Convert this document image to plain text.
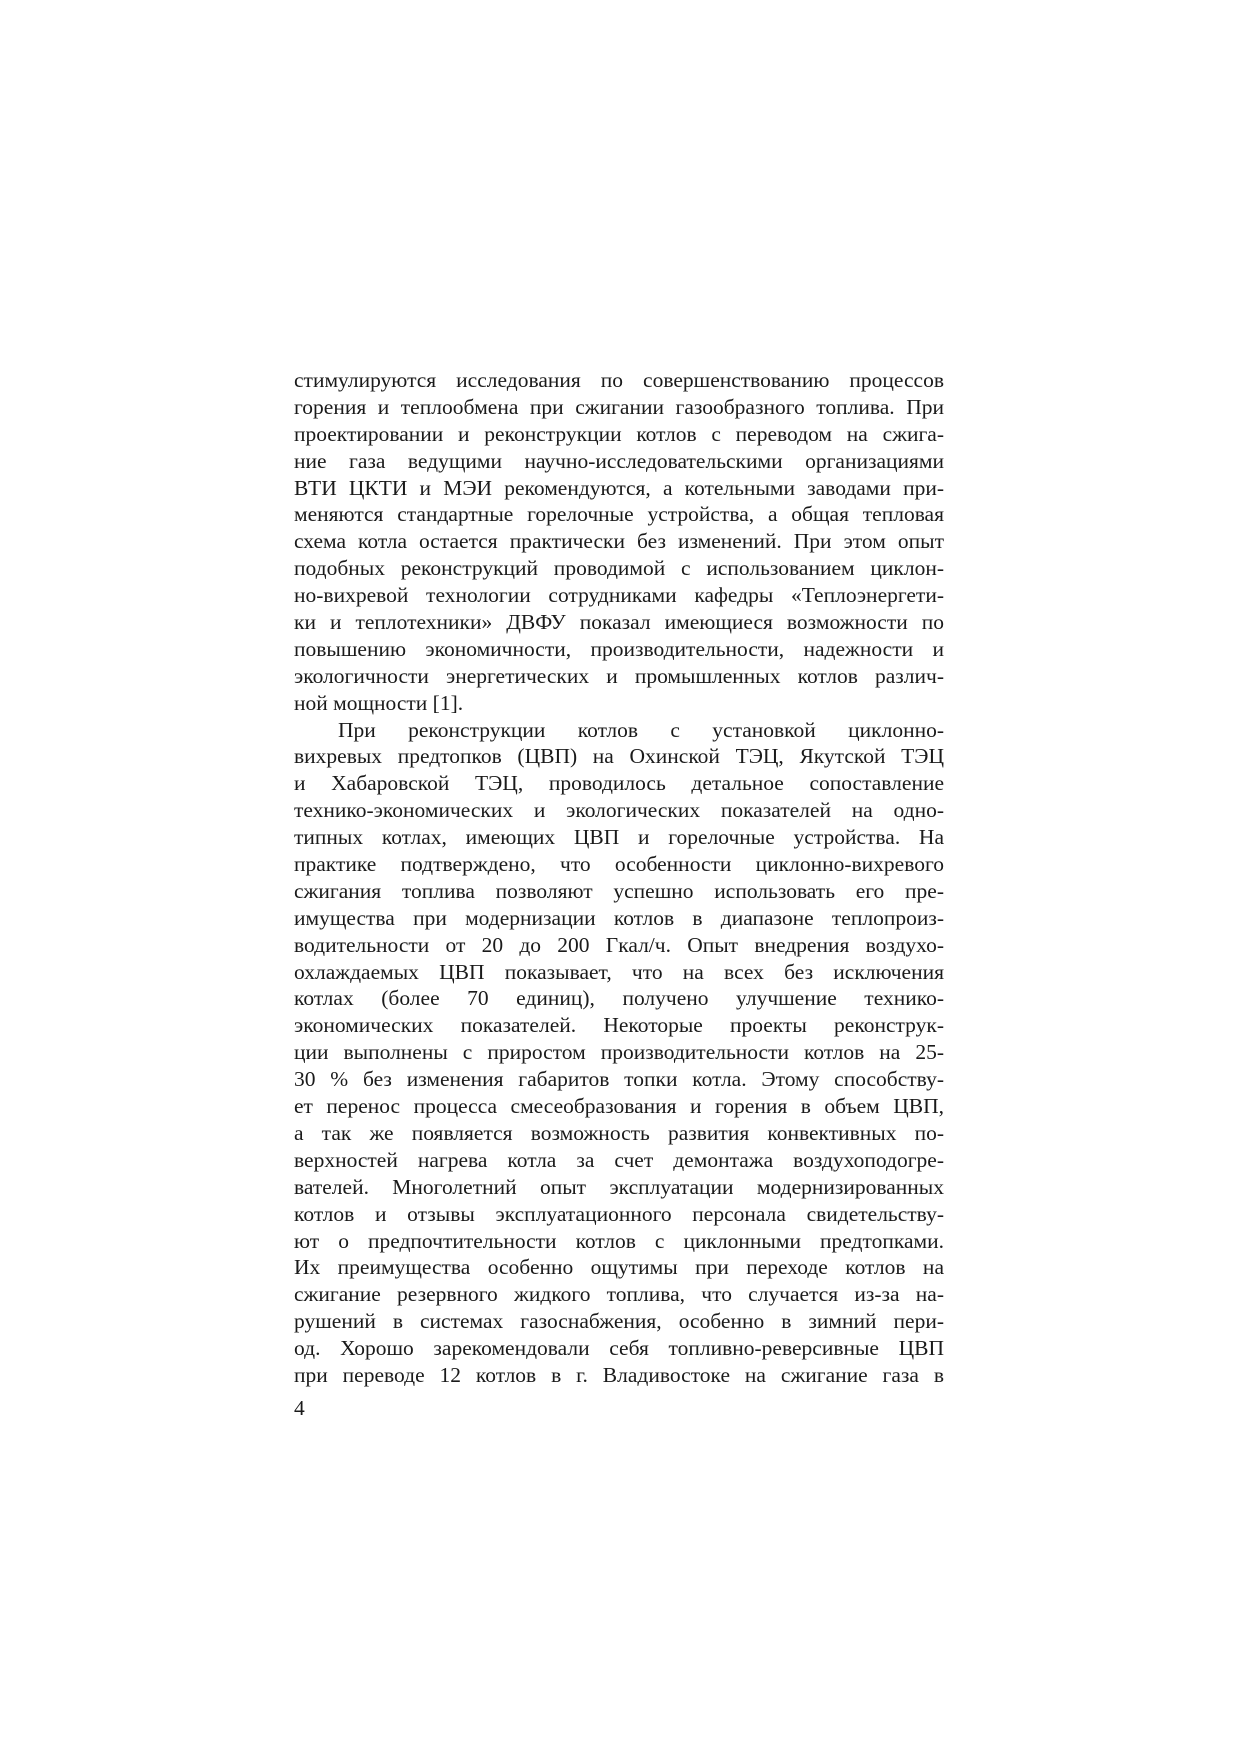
стимулируются исследования по совершенствованию процессов
горения и теплообмена при сжигании газообразного топлива. При
проектировании и реконструкции котлов с переводом на сжига-
ние газа ведущими научно-исследовательскими организациями
ВТИ ЦКТИ и МЭИ рекомендуются, а котельными заводами при-
меняются стандартные горелочные устройства, а общая тепловая
схема котла остается практически без изменений. При этом опыт
подобных реконструкций проводимой с использованием циклон-
но-вихревой технологии сотрудниками кафедры «Теплоэнергети-
ки и теплотехники» ДВФУ показал имеющиеся возможности по
повышению экономичности, производительности, надежности и
экологичности энергетических и промышленных котлов различ-
ной мощности [1].
При реконструкции котлов с установкой циклонно-
вихревых предтопков (ЦВП) на Охинской ТЭЦ, Якутской ТЭЦ
и Хабаровской ТЭЦ, проводилось детальное сопоставление
технико-экономических и экологических показателей на одно-
типных котлах, имеющих ЦВП и горелочные устройства. На
практике подтверждено, что особенности циклонно-вихревого
сжигания топлива позволяют успешно использовать его пре-
имущества при модернизации котлов в диапазоне теплопроиз-
водительности от 20 до 200 Гкал/ч. Опыт внедрения воздухо-
охлаждаемых ЦВП показывает, что на всех без исключения
котлах (более 70 единиц), получено улучшение технико-
экономических показателей. Некоторые проекты реконструк-
ции выполнены с приростом производительности котлов на 25-
30 % без изменения габаритов топки котла. Этому способству-
ет перенос процесса смесеобразования и горения в объем ЦВП,
а так же появляется возможность развития конвективных по-
верхностей нагрева котла за счет демонтажа воздухоподогре-
вателей. Многолетний опыт эксплуатации модернизированных
котлов и отзывы эксплуатационного персонала свидетельству-
ют о предпочтительности котлов с циклонными предтопками.
Их преимущества особенно ощутимы при переходе котлов на
сжигание резервного жидкого топлива, что случается из-за на-
рушений в системах газоснабжения, особенно в зимний пери-
од. Хорошо зарекомендовали себя топливно-реверсивные ЦВП
при переводе 12 котлов в г. Владивостоке на сжигание газа в
4
